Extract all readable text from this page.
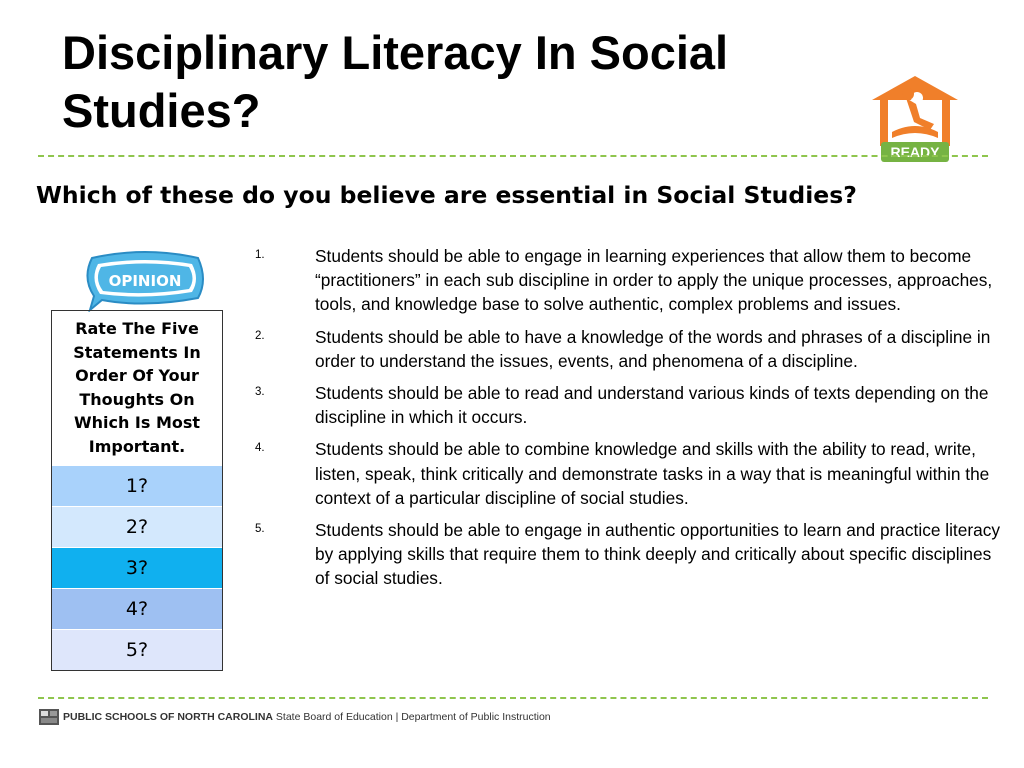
Disciplinary Literacy In Social Studies?
READY
Which of these do you believe are essential in Social Studies?
OPINION
Rate The Five Statements In Order Of Your Thoughts On Which Is Most Important.
1?
2?
3?
4?
5?
1.	Students should be able to engage in learning experiences that allow them to become “practitioners” in each sub discipline in order to apply the unique processes, approaches, tools, and knowledge base to solve authentic, complex problems and issues.
2.	Students should be able to have a knowledge of the words and phrases of a discipline in order to understand the issues, events, and phenomena of a discipline.
3.	Students should be able to read and understand various kinds of texts depending on the discipline in which it occurs.
4.	Students should be able to combine knowledge and skills with the ability to read, write, listen, speak, think critically and demonstrate tasks in a way that is meaningful within the context of a particular discipline of social studies.
5.	Students should be able to engage in authentic opportunities to learn and practice literacy by applying skills that require them to think deeply and critically about specific disciplines of social studies.
PUBLIC SCHOOLS OF NORTH CAROLINA State Board of Education | Department of Public Instruction
